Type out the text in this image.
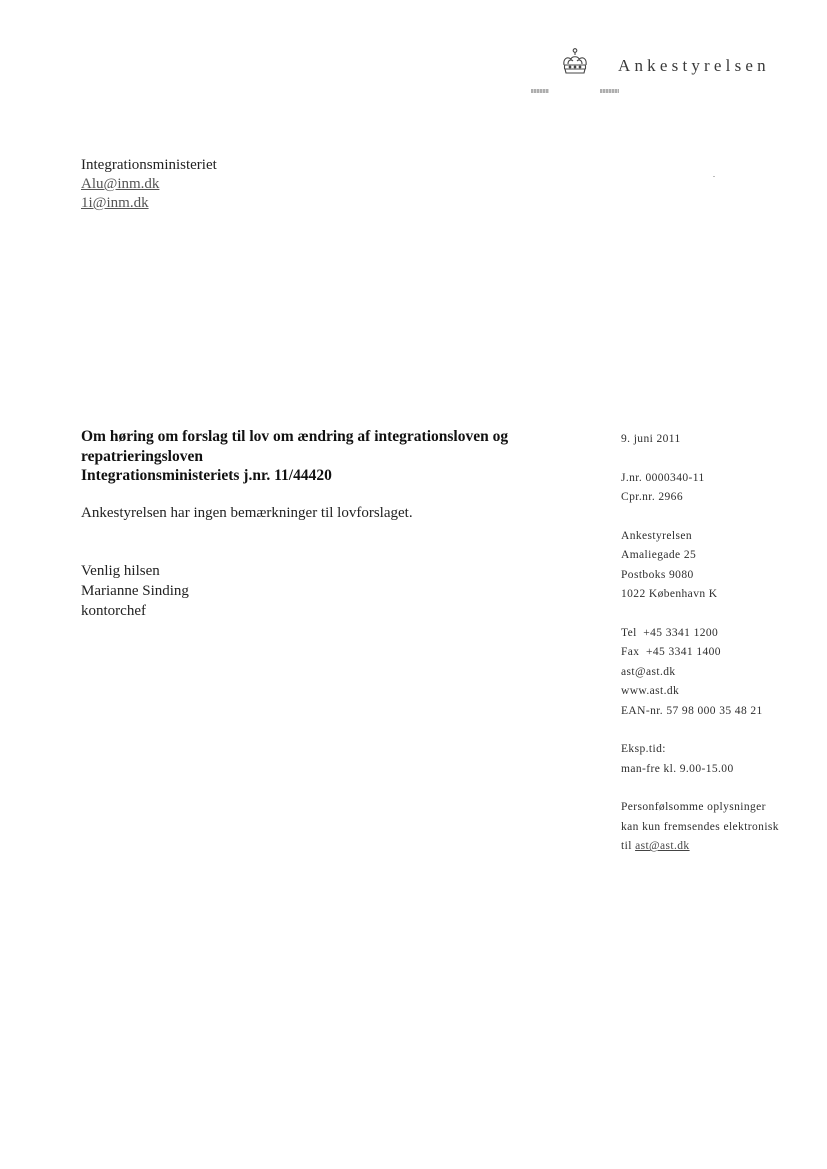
Ankestyrelsen
Integrationsministeriet
Alu@inm.dk
1i@inm.dk
Om høring om forslag til lov om ændring af integrationsloven og
repatrieringsloven
Integrationsministeriets j.nr. 11/44420
Ankestyrelsen har ingen bemærkninger til lovforslaget.
Venlig hilsen
Marianne Sinding
kontorchef
9. juni 2011
J.nr. 0000340-11
Cpr.nr. 2966
Ankestyrelsen
Amaliegade 25
Postboks 9080
1022 København K
Tel  +45 3341 1200
Fax  +45 3341 1400
ast@ast.dk
www.ast.dk
EAN-nr. 57 98 000 35 48 21
Eksp.tid:
man-fre kl. 9.00-15.00
Personfølsomme oplysninger
kan kun fremsendes elektronisk
til ast@ast.dk
